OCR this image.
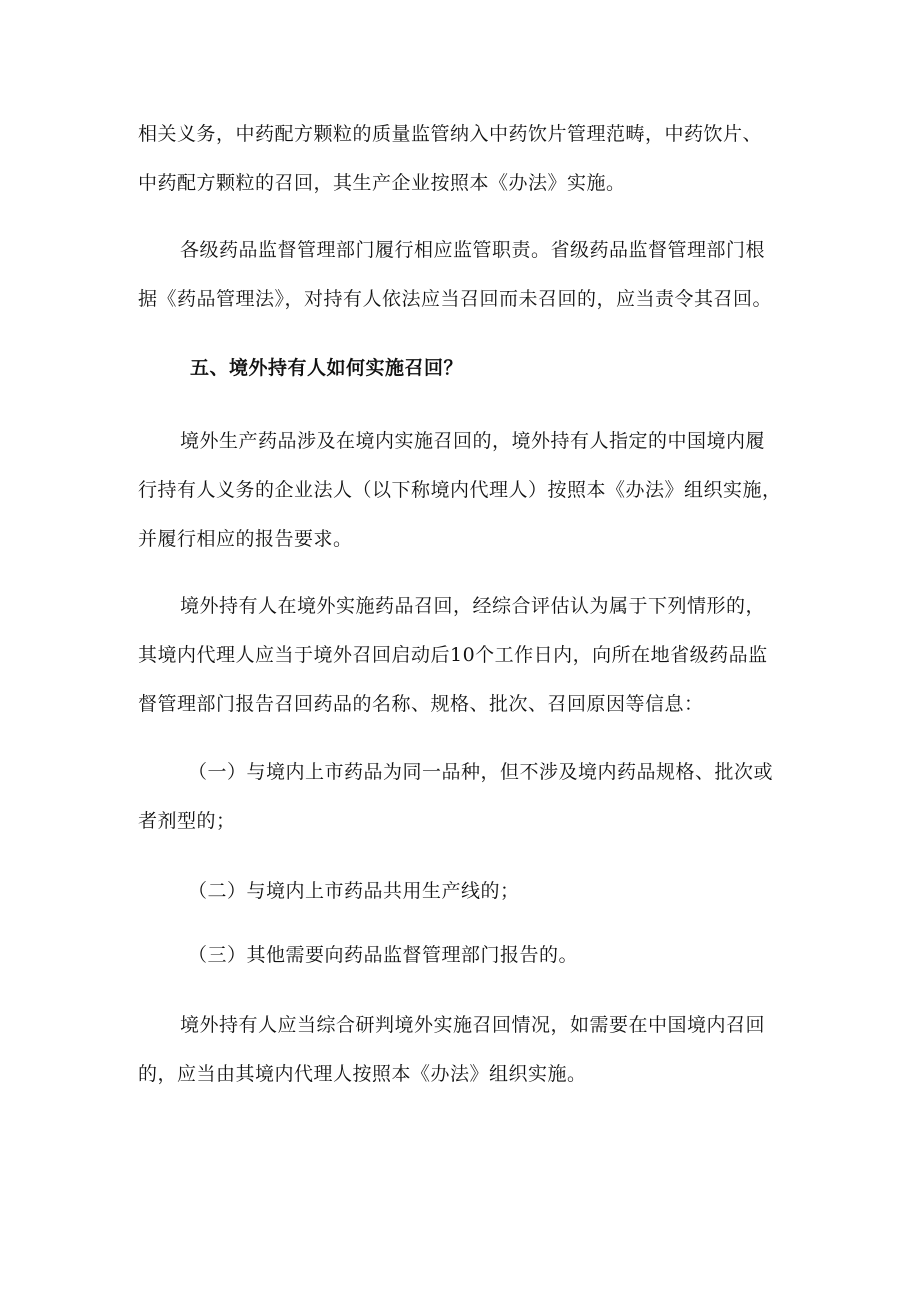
相关义务，中药配方颗粒的质量监管纳入中药饮片管理范畴，中药饮片、
中药配方颗粒的召回，其生产企业按照本《办法》实施。
各级药品监督管理部门履行相应监管职责。省级药品监督管理部门根
据《药品管理法》，对持有人依法应当召回而未召回的，应当责令其召回。
五、境外持有人如何实施召回？
境外生产药品涉及在境内实施召回的，境外持有人指定的中国境内履
行持有人义务的企业法人（以下称境内代理人）按照本《办法》组织实施，
并履行相应的报告要求。
境外持有人在境外实施药品召回，经综合评估认为属于下列情形的，
其境内代理人应当于境外召回启动后10个工作日内，向所在地省级药品监
督管理部门报告召回药品的名称、规格、批次、召回原因等信息：
（一）与境内上市药品为同一品种，但不涉及境内药品规格、批次或
者剂型的；
（二）与境内上市药品共用生产线的；
（三）其他需要向药品监督管理部门报告的。
境外持有人应当综合研判境外实施召回情况，如需要在中国境内召回
的，应当由其境内代理人按照本《办法》组织实施。
